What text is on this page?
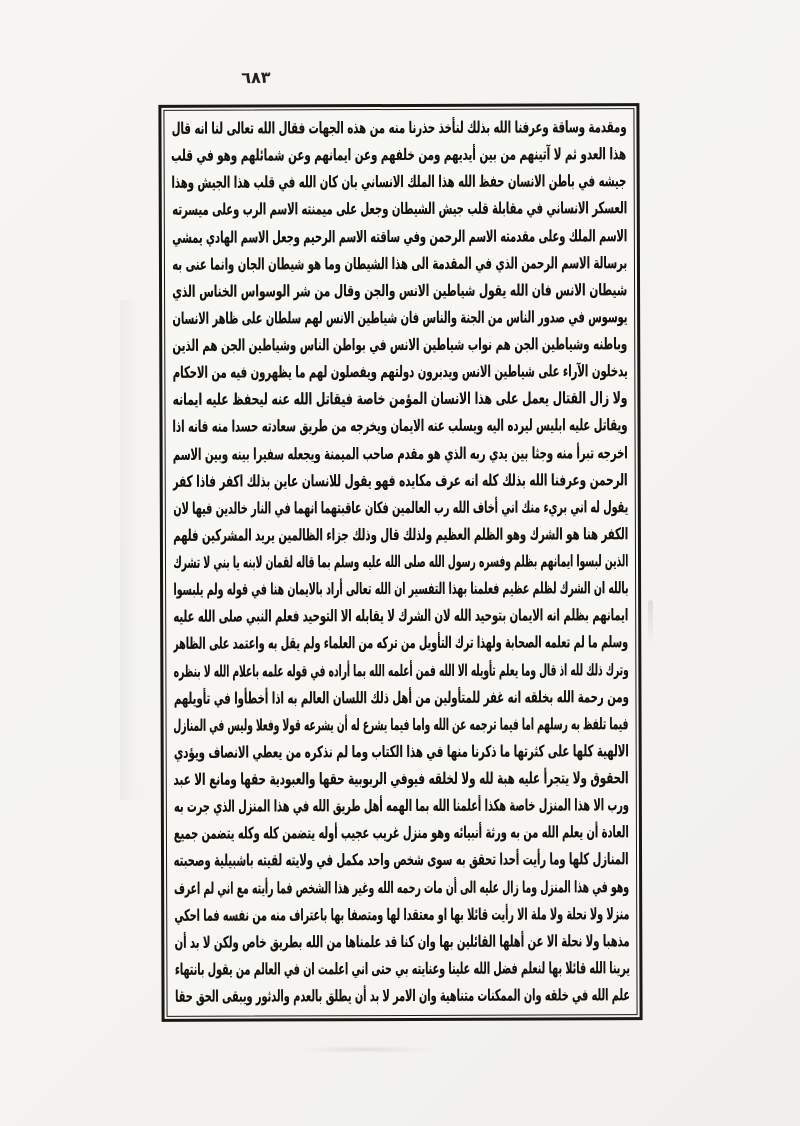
٦٨٣
ومقدمة وساقة وعرفنا الله بذلك لنأخذ حذرنا منه من هذه الجهات فقال الله تعالى لنا انه قال
هذا العدو ثم لا آتينهم من بين أيديهم ومن خلفهم وعن ايمانهم وعن شمائلهم وهو في قلب
جيشه في باطن الانسان حفظ الله هذا الملك الانساني بان كان الله في قلب هذا الجيش وهذا
العسكر الانساني في مقابلة قلب جيش الشيطان وجعل على ميمنته الاسم الرب وعلى ميسرته
الاسم الملك وعلى مقدمته الاسم الرحمن وفي ساقته الاسم الرحيم وجعل الاسم الهادي يمشي
برسالة الاسم الرحمن الذي في المقدمة الى هذا الشيطان وما هو شيطان الجان وانما عنى به
شيطان الانس فان الله يقول شياطين الانس والجن وقال من شر الوسواس الخناس الذي
يوسوس في صدور الناس من الجنة والناس فان شياطين الانس لهم سلطان على ظاهر الانسان
وباطنه وشياطين الجن هم نواب شياطين الانس في بواطن الناس وشياطين الجن هم الذين
يدخلون الآراء على شياطين الانس ويدبرون دولتهم ويفصلون لهم ما يظهرون فيه من الاحكام
ولا زال القتال يعمل على هذا الانسان المؤمن خاصة فيقاتل الله عنه ليحفظ عليه ايمانه
ويقاتل عليه ابليس ليرده اليه ويسلب عنه الايمان ويخرجه من طريق سعادته حسدا منه فانه اذا
اخرجه تبرأ منه وجثا بين يدي ربه الذي هو مقدم صاحب الميمنة ويجعله سفيرا بينه وبين الاسم
الرحمن وعرفنا الله بذلك كله انه عرف مكايده فهو يقول للانسان عاين بذلك اكفر فاذا كفر
يقول له اني بريء منك اني أخاف الله رب العالمين فكان عاقبتهما انهما في النار خالدين فيها لان
الكفر هنا هو الشرك وهو الظلم العظيم ولذلك قال وذلك جزاء الظالمين يريد المشركين فلهم
الذين لبسوا ايمانهم بظلم وفسره رسول الله صلى الله عليه وسلم بما قاله لقمان لابنه يا بني لا تشرك
بالله ان الشرك لظلم عظيم فعلمنا بهذا التفسير ان الله تعالى أراد بالايمان هنا في قوله ولم يلبسوا
ايمانهم بظلم انه الايمان بتوحيد الله لان الشرك لا يقابله الا التوحيد فعلم النبي صلى الله عليه
وسلم ما لم تعلمه الصحابة ولهذا ترك التأويل من تركه من العلماء ولم يقل به واعتمد على الظاهر
وترك ذلك لله اذ قال وما يعلم تأويله الا الله فمن أعلمه الله بما أراده في قوله علمه باعلام الله لا بنظره
ومن رحمة الله بخلقه انه غفر للمتأولين من أهل ذلك اللسان العالم به اذا أخطأوا في تأويلهم
فيما تلفظ به رسلهم اما فيما ترجمه عن الله واما فيما يشرع له أن يشرعه قولا وفعلا وليس في المنازل
الالهية كلها على كثرتها ما ذكرنا منها في هذا الكتاب وما لم نذكره من يعطي الانصاف ويؤدي
الحقوق ولا يتجرأ عليه هبة لله ولا لخلقه فيوفي الربوبية حقها والعبودية حقها ومانع الا عبد
ورب الا هذا المنزل خاصة هكذا أعلمنا الله بما الهمه أهل طريق الله في هذا المنزل الذي جرت به
العادة أن يعلم الله من به ورثة أنبيائه وهو منزل غريب عجيب أوله يتضمن كله وكله يتضمن جميع
المنازل كلها وما رأيت أحدا تحقق به سوى شخص واحد مكمل في ولايته لقيته باشبيلية وصحبته
وهو في هذا المنزل وما زال عليه الى أن مات رحمه الله وغير هذا الشخص فما رأيته مع اني لم اعرف
منزلا ولا نحلة ولا ملة الا رأيت قائلا بها او معتقدا لها ومتصفا بها باعتراف منه من نفسه فما احكي
مذهبا ولا نحلة الا عن أهلها القائلين بها وان كنا قد علمناها من الله بطريق خاص ولكن لا بد أن
يرينا الله قائلا بها لنعلم فضل الله علينا وعنايته بي حتى اني اعلمت ان في العالم من يقول بانتهاء
علم الله في خلقه وان الممكنات متناهية وان الامر لا بد أن يطلق بالعدم والدثور ويبقى الحق حقا
